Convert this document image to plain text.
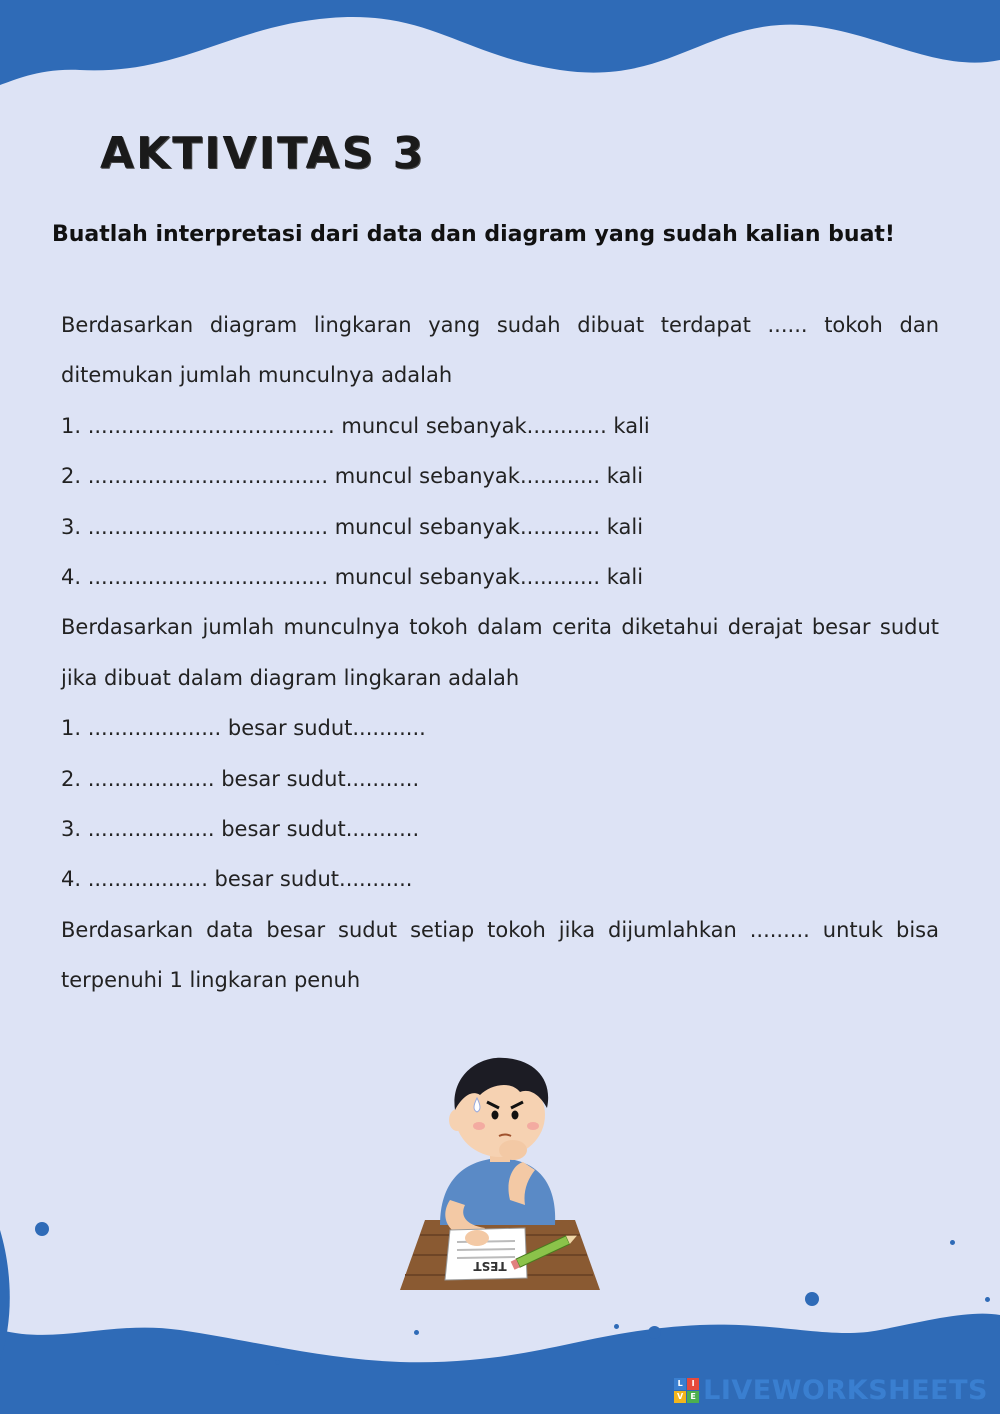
AKTIVITAS 3
Buatlah interpretasi dari data dan diagram yang sudah kalian buat!

Berdasarkan diagram lingkaran yang sudah dibuat terdapat ...... tokoh dan ditemukan jumlah munculnya adalah

1. ..................................... muncul sebanyak............ kali

2. .................................... muncul sebanyak............ kali

3. .................................... muncul sebanyak............ kali

4. .................................... muncul sebanyak............ kali

Berdasarkan jumlah munculnya tokoh dalam cerita diketahui derajat besar sudut jika dibuat dalam diagram lingkaran adalah

1. .................... besar sudut...........

2. ................... besar sudut...........

3. ................... besar sudut...........

4. .................. besar sudut...........

Berdasarkan data besar sudut setiap tokoh jika dijumlahkan ......... untuk bisa terpenuhi 1 lingkaran penuh

TEST
L	I
V E LIVEWORKSHEETS
